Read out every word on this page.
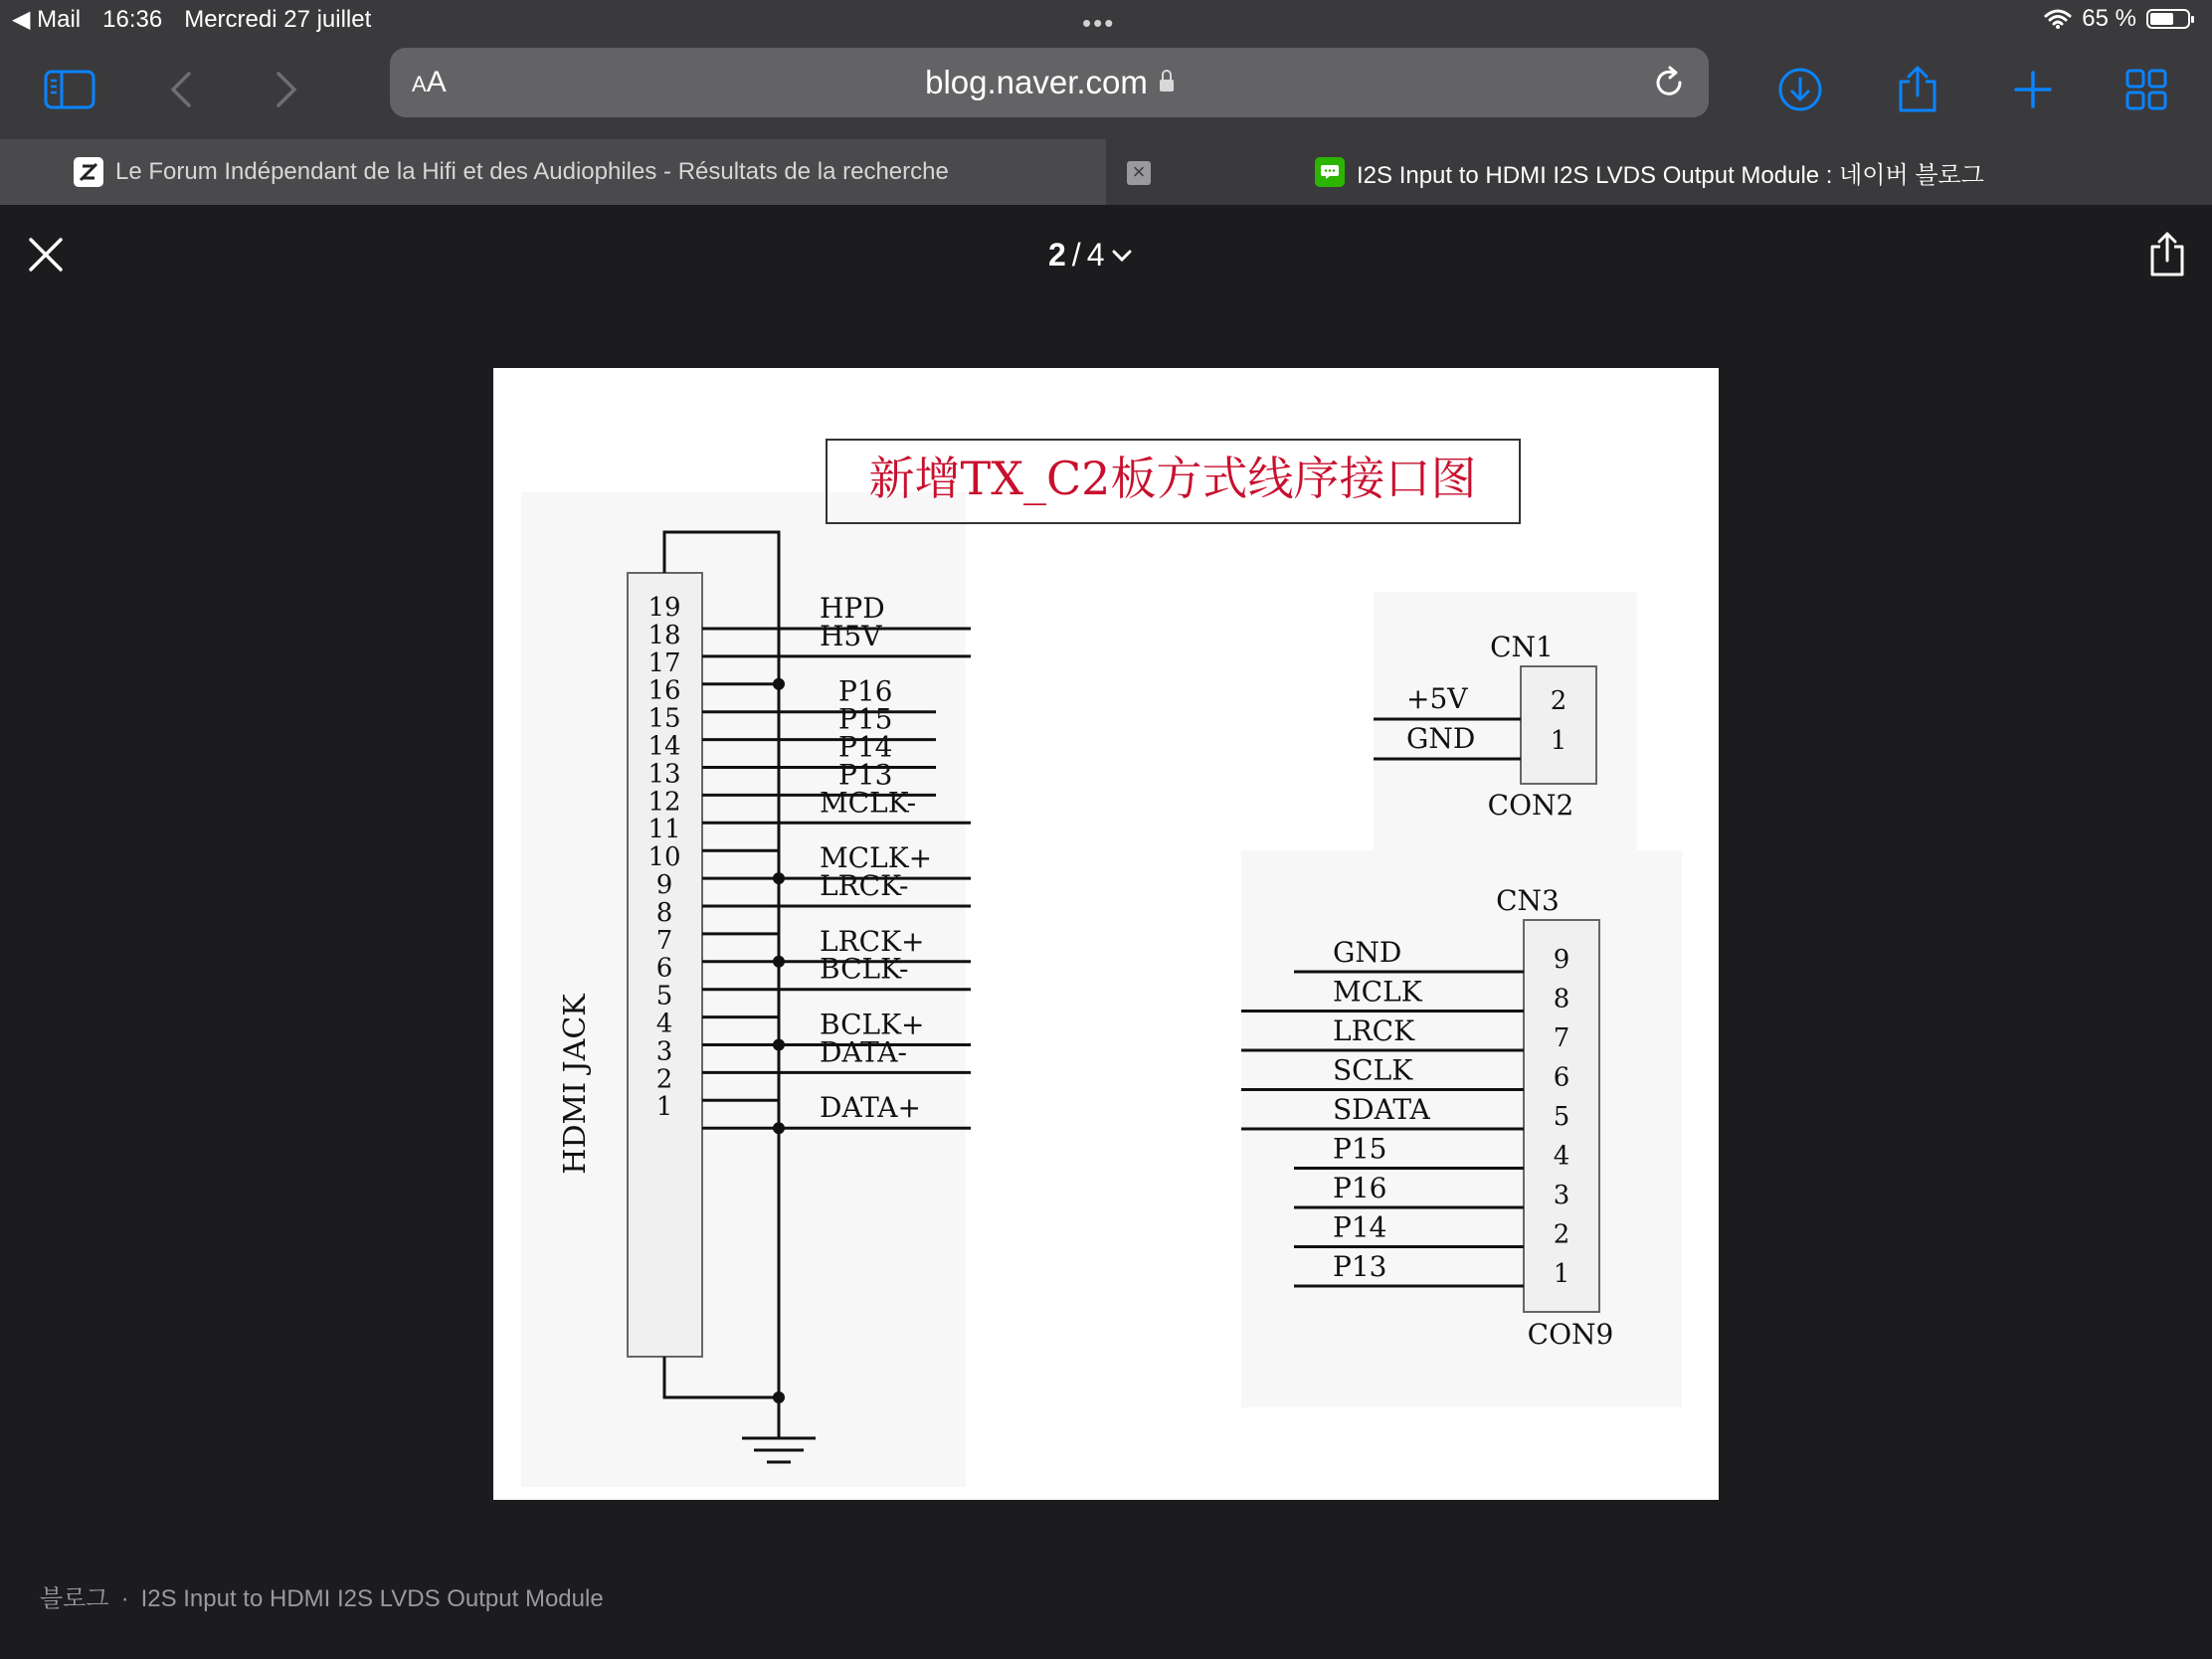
◀ Mail 16:36 Mercredi 27 juillet	•••	65 %
AA	blog.naver.com
Le Forum Indépendant de la Hifi et des Audiophiles - Résultats de la recherche	I2S Input to HDMI I2S LVDS Output Module : 네이버 블로그
×
2 / 4
新增TX_C2板方式线序接口图
HDMI JACK
19
18
17
16
15
14
13
12
11
10
9
8
7
6
5
4
3
2
1
HPD
H5V
P16
P15
P14
P13
MCLK-
MCLK+
LRCK-
LRCK+
BCLK-
BCLK+
DATA-
DATA+
CN1
2
+5V
1
GND
CON2
CN3
9
GND
8
MCLK
7
LRCK
6
SCLK
5
SDATA
4
P15
3
P16
2
P14
1
P13
CON9
블로그 · I2S Input to HDMI I2S LVDS Output Module
